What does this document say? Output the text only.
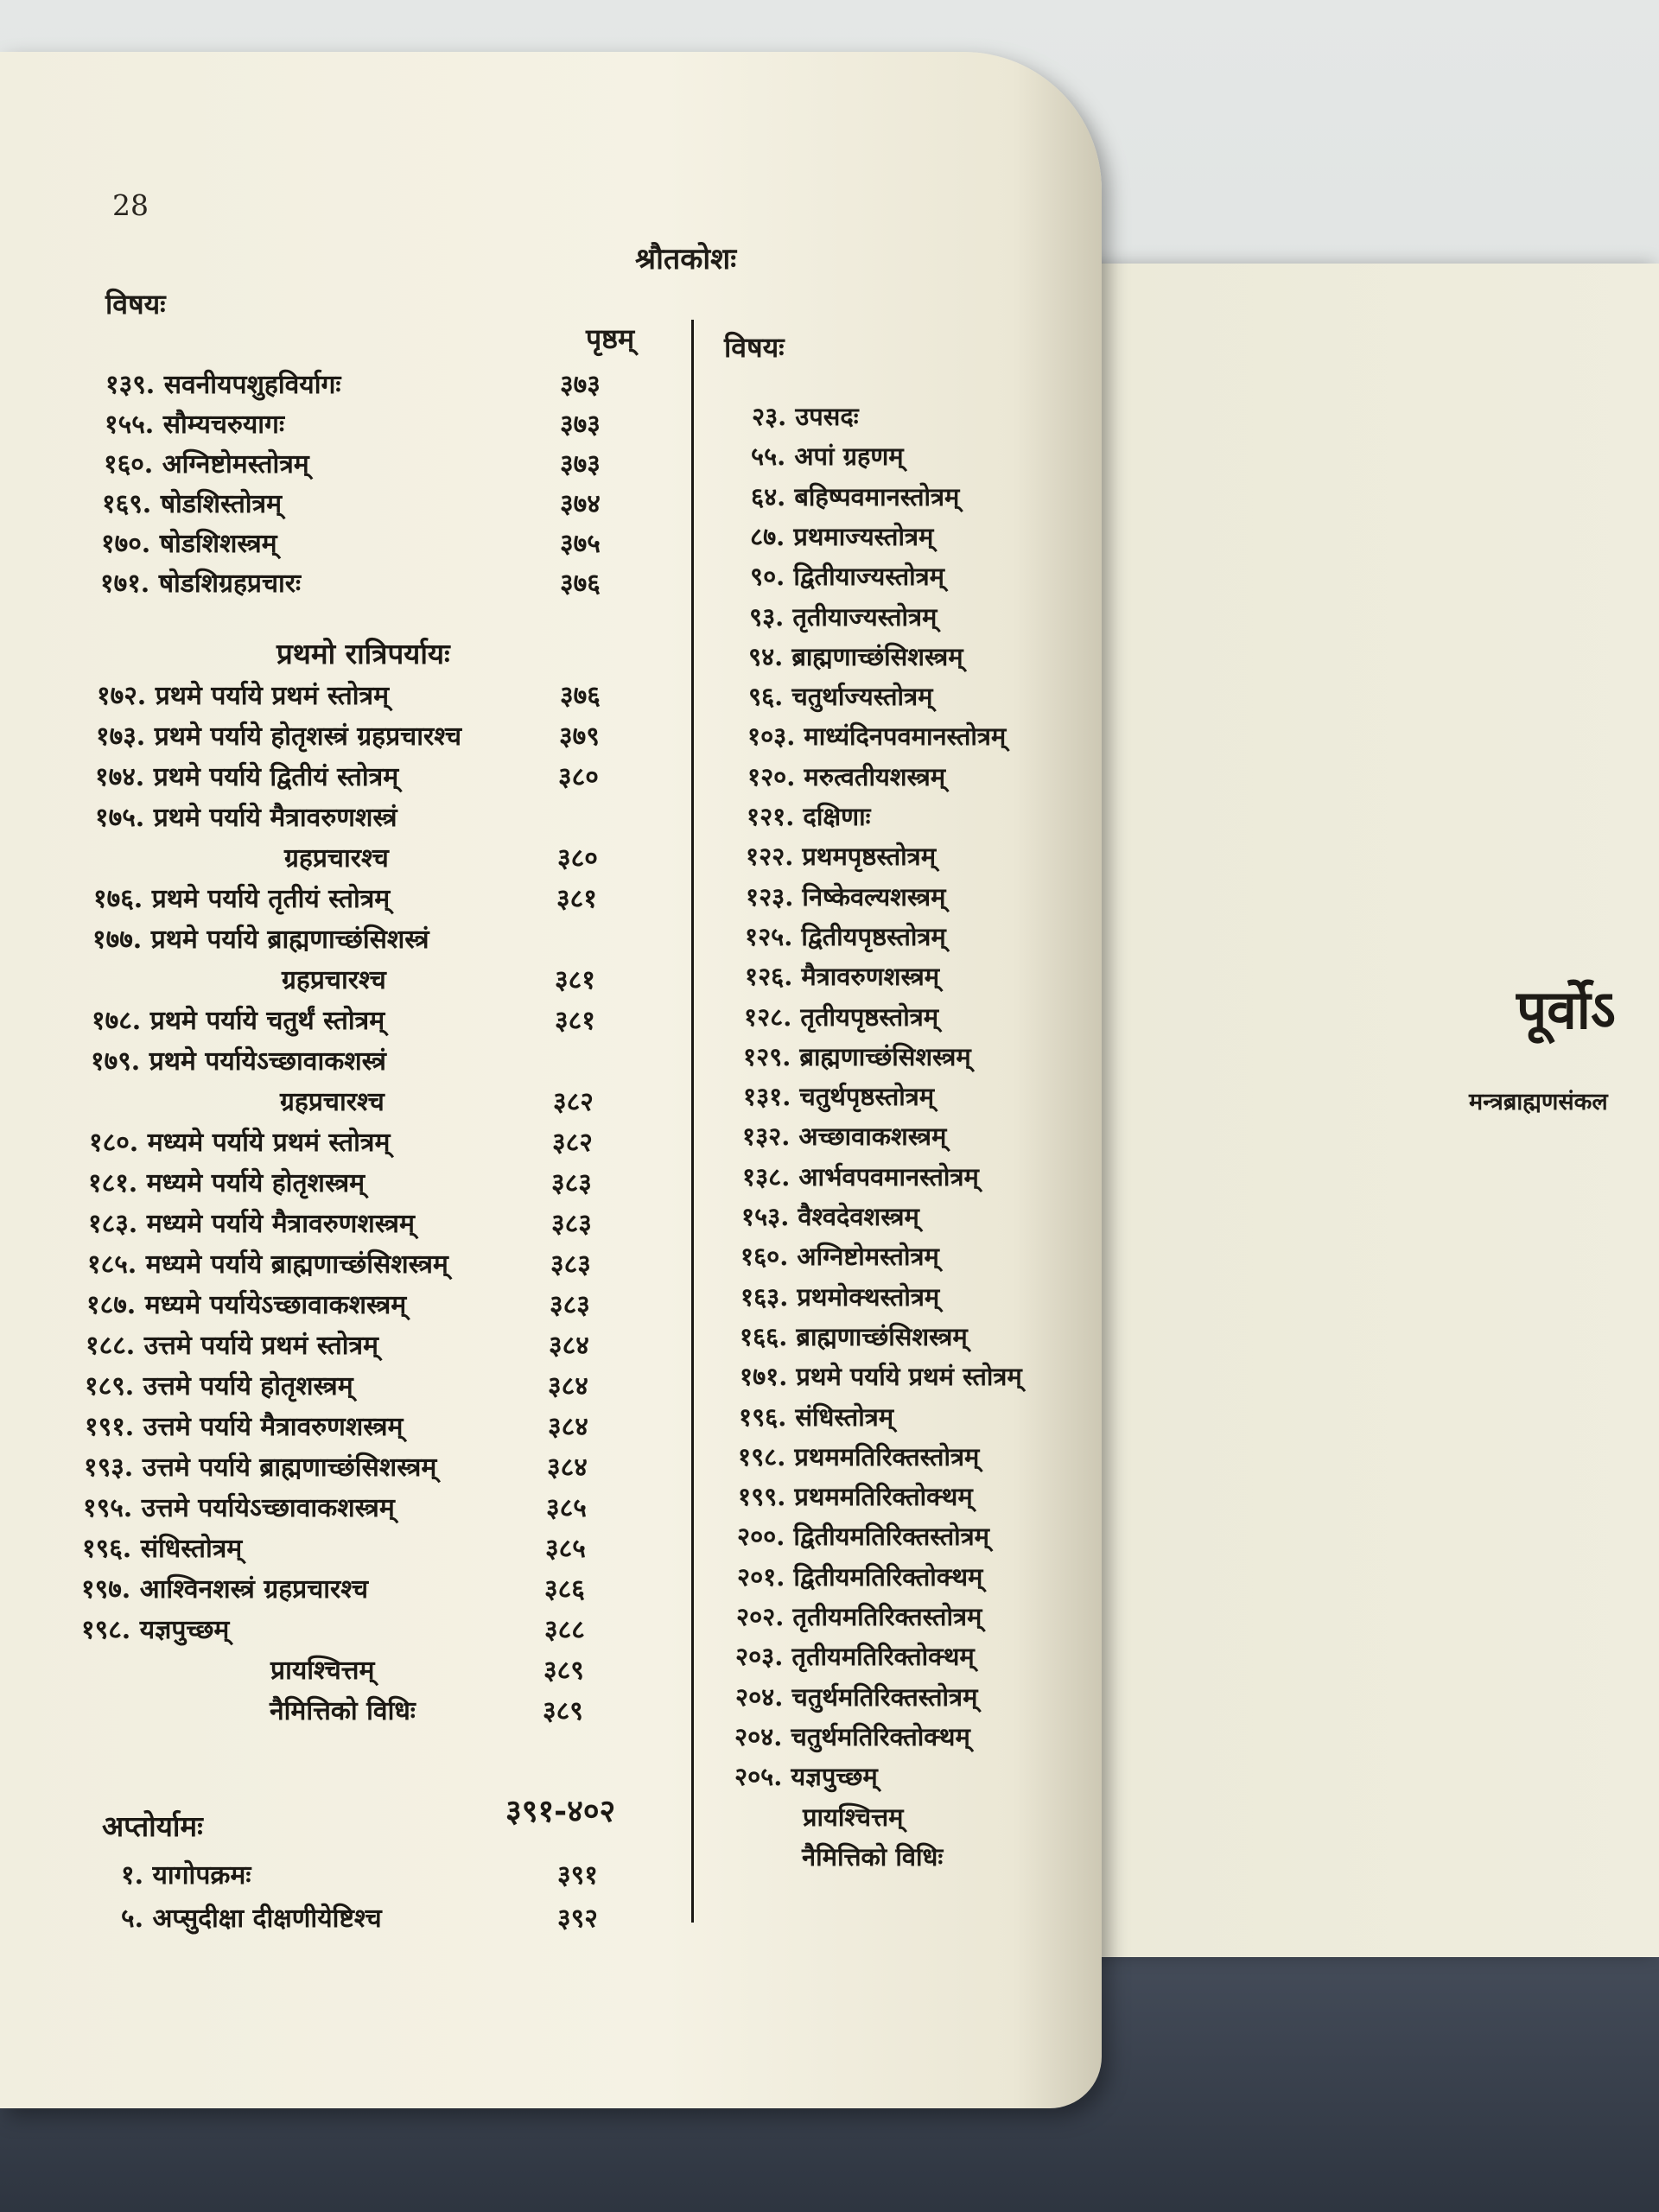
पूर्वोऽ
मन्त्रब्राह्मणसंकल
28
श्रौतकोशः
विषयः
पृष्ठम्	विषयः
१३९. सवनीयपशुहविर्यागः	३७३
१५५. सौम्यचरुयागः	३७३
१६०. अग्निष्टोमस्तोत्रम्	३७३
१६९. षोडशिस्तोत्रम्	३७४
१७०. षोडशिशस्त्रम्	३७५
१७१. षोडशिग्रहप्रचारः	३७६
प्रथमो रात्रिपर्यायः
१७२. प्रथमे पर्याये प्रथमं स्तोत्रम्	३७६
१७३. प्रथमे पर्याये होतृशस्त्रं ग्रहप्रचारश्च	३७९
१७४. प्रथमे पर्याये द्वितीयं स्तोत्रम्	३८०
१७५. प्रथमे पर्याये मैत्रावरुणशस्त्रं
ग्रहप्रचारश्च	३८०
१७६. प्रथमे पर्याये तृतीयं स्तोत्रम्	३८१
१७७. प्रथमे पर्याये ब्राह्मणाच्छंसिशस्त्रं
ग्रहप्रचारश्च	३८१
१७८. प्रथमे पर्याये चतुर्थं स्तोत्रम्	३८१
१७९. प्रथमे पर्यायेऽच्छावाकशस्त्रं
ग्रहप्रचारश्च	३८२
१८०. मध्यमे पर्याये प्रथमं स्तोत्रम्	३८२
१८१. मध्यमे पर्याये होतृशस्त्रम्	३८३
१८३. मध्यमे पर्याये मैत्रावरुणशस्त्रम्	३८३
१८५. मध्यमे पर्याये ब्राह्मणाच्छंसिशस्त्रम्	३८३
१८७. मध्यमे पर्यायेऽच्छावाकशस्त्रम्	३८३
१८८. उत्तमे पर्याये प्रथमं स्तोत्रम्	३८४
१८९. उत्तमे पर्याये होतृशस्त्रम्	३८४
१९१. उत्तमे पर्याये मैत्रावरुणशस्त्रम्	३८४
१९३. उत्तमे पर्याये ब्राह्मणाच्छंसिशस्त्रम्	३८४
१९५. उत्तमे पर्यायेऽच्छावाकशस्त्रम्	३८५
१९६. संधिस्तोत्रम्	३८५
१९७. आश्विनशस्त्रं ग्रहप्रचारश्च	३८६
१९८. यज्ञपुच्छम्	३८८
प्रायश्चित्तम्	३८९
नैमित्तिको विधिः	३८९
अप्तोर्यामः	३९१-४०२
१. यागोपक्रमः	३९१
५. अप्सुदीक्षा दीक्षणीयेष्टिश्च	३९२
२३. उपसदः
५५. अपां ग्रहणम्
६४. बहिष्पवमानस्तोत्रम्
८७. प्रथमाज्यस्तोत्रम्
९०. द्वितीयाज्यस्तोत्रम्
९३. तृतीयाज्यस्तोत्रम्
९४. ब्राह्मणाच्छंसिशस्त्रम्
९६. चतुर्थाज्यस्तोत्रम्
१०३. माध्यंदिनपवमानस्तोत्रम्
१२०. मरुत्वतीयशस्त्रम्
१२१. दक्षिणाः
१२२. प्रथमपृष्ठस्तोत्रम्
१२३. निष्केवल्यशस्त्रम्
१२५. द्वितीयपृष्ठस्तोत्रम्
१२६. मैत्रावरुणशस्त्रम्
१२८. तृतीयपृष्ठस्तोत्रम्
१२९. ब्राह्मणाच्छंसिशस्त्रम्
१३१. चतुर्थपृष्ठस्तोत्रम्
१३२. अच्छावाकशस्त्रम्
१३८. आर्भवपवमानस्तोत्रम्
१५३. वैश्वदेवशस्त्रम्
१६०. अग्निष्टोमस्तोत्रम्
१६३. प्रथमोक्थस्तोत्रम्
१६६. ब्राह्मणाच्छंसिशस्त्रम्
१७१. प्रथमे पर्याये प्रथमं स्तोत्रम्
१९६. संधिस्तोत्रम्
१९८. प्रथममतिरिक्तस्तोत्रम्
१९९. प्रथममतिरिक्तोक्थम्
२००. द्वितीयमतिरिक्तस्तोत्रम्
२०१. द्वितीयमतिरिक्तोक्थम्
२०२. तृतीयमतिरिक्तस्तोत्रम्
२०३. तृतीयमतिरिक्तोक्थम्
२०४. चतुर्थमतिरिक्तस्तोत्रम्
२०४. चतुर्थमतिरिक्तोक्थम्
२०५. यज्ञपुच्छम्
प्रायश्चित्तम्
नैमित्तिको विधिः
